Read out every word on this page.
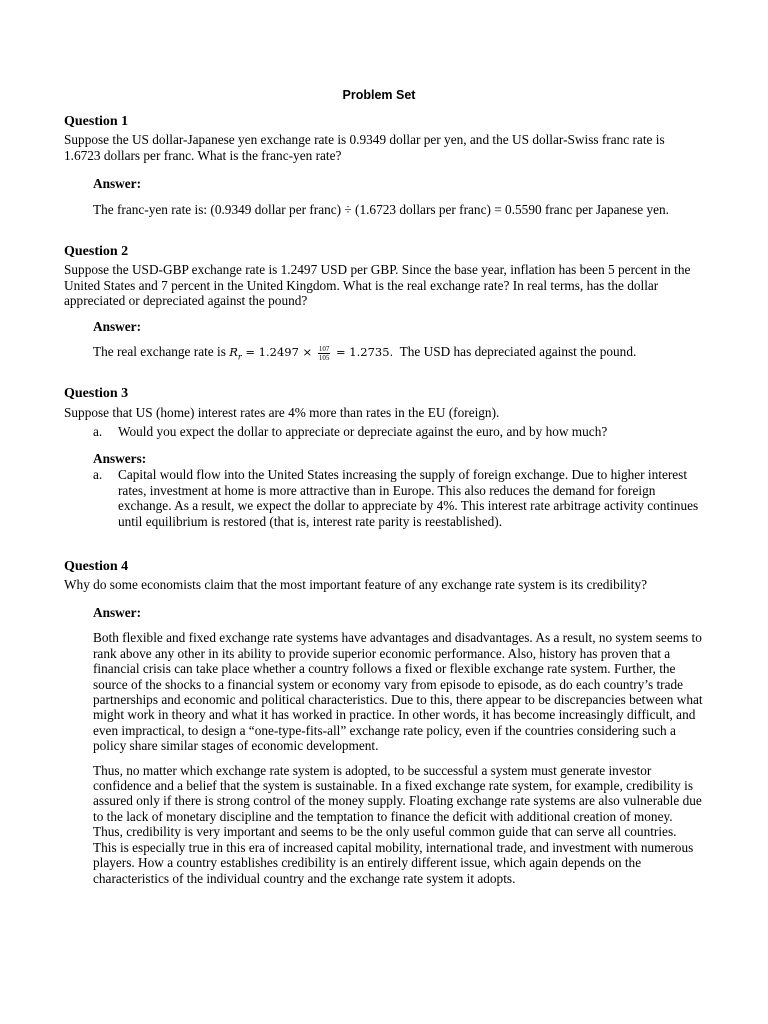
Problem Set

Question 1

Suppose the US dollar-Japanese yen exchange rate is 0.9349 dollar per yen, and the US dollar-Swiss franc rate is 1.6723 dollars per franc. What is the franc-yen rate?

Answer:

The franc-yen rate is: (0.9349 dollar per franc) ÷ (1.6723 dollars per franc) = 0.5590 franc per Japanese yen.

Question 2

Suppose the USD-GBP exchange rate is 1.2497 USD per GBP. Since the base year, inflation has been 5 percent in the United States and 7 percent in the United Kingdom. What is the real exchange rate? In real terms, has the dollar appreciated or depreciated against the pound?

Answer:

The real exchange rate is $R_r = 1.2497 \times \frac{107}{105} = 1.2735$.  The USD has depreciated against the pound.

Question 3

Suppose that US (home) interest rates are 4% more than rates in the EU (foreign).

a. Would you expect the dollar to appreciate or depreciate against the euro, and by how much?

Answers:

a. Capital would flow into the United States increasing the supply of foreign exchange. Due to higher interest rates, investment at home is more attractive than in Europe. This also reduces the demand for foreign exchange. As a result, we expect the dollar to appreciate by 4%. This interest rate arbitrage activity continues until equilibrium is restored (that is, interest rate parity is reestablished).

Question 4

Why do some economists claim that the most important feature of any exchange rate system is its credibility?

Answer:

Both flexible and fixed exchange rate systems have advantages and disadvantages. As a result, no system seems to rank above any other in its ability to provide superior economic performance. Also, history has proven that a financial crisis can take place whether a country follows a fixed or flexible exchange rate system. Further, the source of the shocks to a financial system or economy vary from episode to episode, as do each country’s trade partnerships and economic and political characteristics. Due to this, there appear to be discrepancies between what might work in theory and what it has worked in practice. In other words, it has become increasingly difficult, and even impractical, to design a “one-type-fits-all” exchange rate policy, even if the countries considering such a policy share similar stages of economic development.

Thus, no matter which exchange rate system is adopted, to be successful a system must generate investor confidence and a belief that the system is sustainable. In a fixed exchange rate system, for example, credibility is assured only if there is strong control of the money supply. Floating exchange rate systems are also vulnerable due to the lack of monetary discipline and the temptation to finance the deficit with additional creation of money. Thus, credibility is very important and seems to be the only useful common guide that can serve all countries. This is especially true in this era of increased capital mobility, international trade, and investment with numerous players. How a country establishes credibility is an entirely different issue, which again depends on the characteristics of the individual country and the exchange rate system it adopts.
